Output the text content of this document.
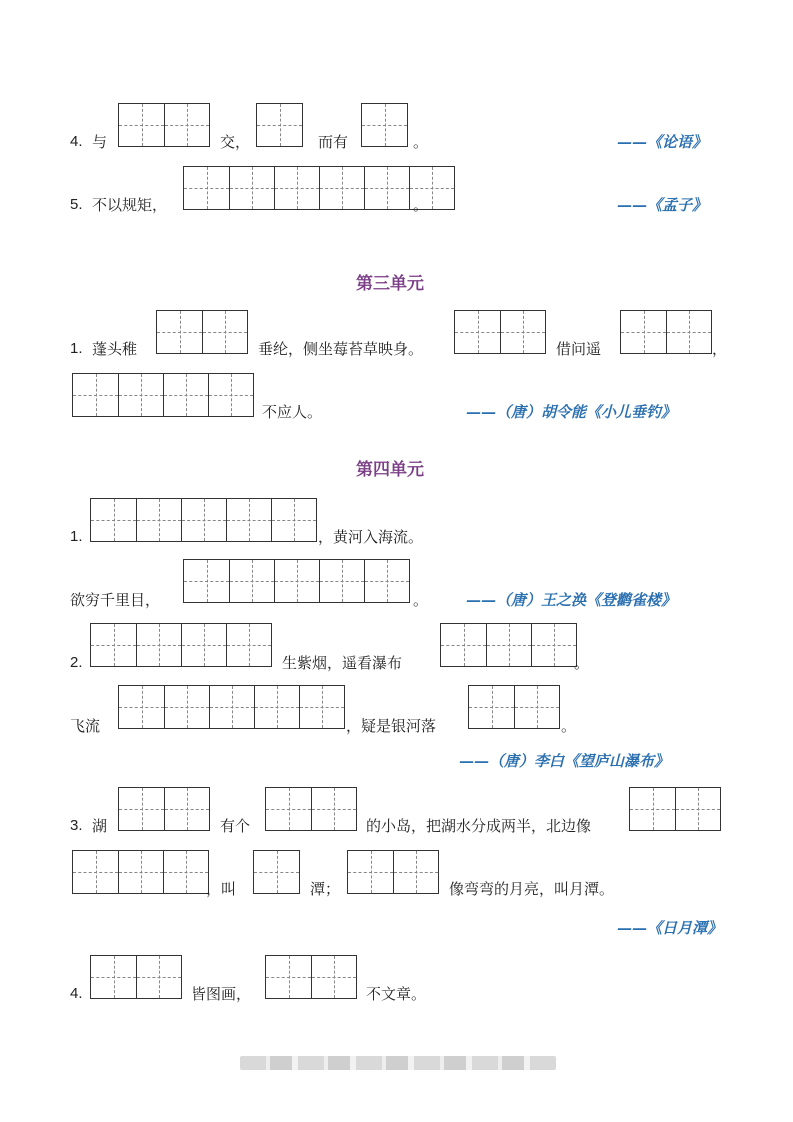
4. 与	交，	而有	。	——《论语》
5. 不以规矩，	。	——《孟子》
第三单元
1. 蓬头稚	垂纶，侧坐莓苔草映身。	借问遥	，
不应人。	——（唐）胡令能《小儿垂钓》
第四单元
1.	，黄河入海流。
欲穷千里目，	。	——（唐）王之涣《登鹳雀楼》
2.	生紫烟，遥看瀑布	。
飞流	，疑是银河落	。
——（唐）李白《望庐山瀑布》
3. 湖	有个	的小岛，把湖水分成两半，北边像
，叫	潭；	像弯弯的月亮，叫月潭。
——《日月潭》
4.	皆图画，	不文章。
